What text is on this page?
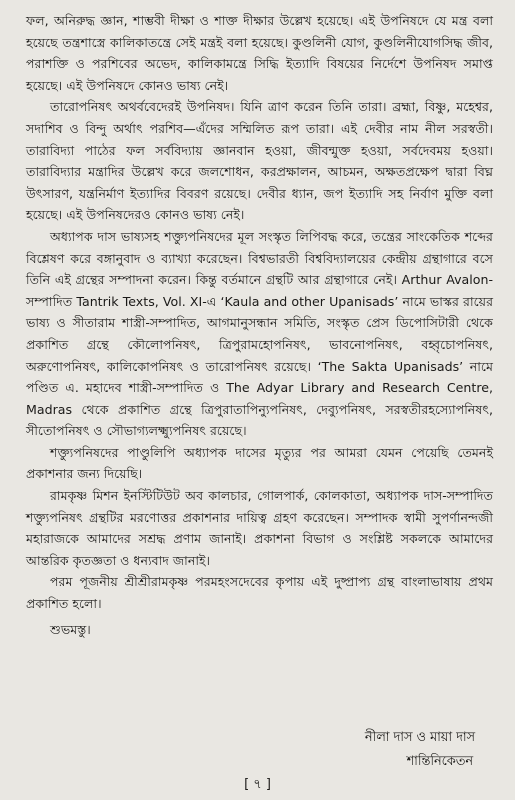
ফল, অনিরুদ্ধ জ্ঞান, শাম্ভবী দীক্ষা ও শাক্ত দীক্ষার উল্লেখ হয়েছে। এই উপনিষদে যে মন্ত্র বলা হয়েছে তন্ত্রশাস্ত্রে কালিকাতন্ত্রে সেই মন্ত্রই বলা হয়েছে। কুণ্ডলিনী যোগ, কুণ্ডলিনীযোগসিদ্ধ জীব, পরাশক্তি ও পরশিবের অভেদ, কালিকামন্ত্রে সিদ্ধি ইত্যাদি বিষয়ের নির্দেশে উপনিষদ সমাপ্ত হয়েছে। এই উপনিষদে কোনও ভাষ্য নেই।

তারোপনিষৎ অথর্ববেদেরই উপনিষদ। যিনি ত্রাণ করেন তিনি তারা। ব্রহ্মা, বিষ্ণু, মহেশ্বর, সদাশিব ও বিন্দু অর্থাৎ পরশিব—এঁদের সম্মিলিত রূপ তারা। এই দেবীর নাম নীল সরস্বতী। তারাবিদ্যা পাঠের ফল সর্ববিদ্যায় জ্ঞানবান হওয়া, জীবন্মুক্ত হওয়া, সর্বদেবময় হওয়া। তারাবিদ্যার মন্ত্রাদির উল্লেখ করে জলশোধন, করপ্রক্ষালন, আচমন, অক্ষতপ্রক্ষেপ দ্বারা বিঘ্ন উৎসারণ, যন্ত্রনির্মাণ ইত্যাদির বিবরণ রয়েছে। দেবীর ধ্যান, জপ ইত্যাদি সহ নির্বাণ মুক্তি বলা হয়েছে। এই উপনিষদেরও কোনও ভাষ্য নেই।

অধ্যাপক দাস ভাষ্যসহ শক্ত্যুপনিষদের মূল সংস্কৃত লিপিবদ্ধ করে, তন্ত্রের সাংকেতিক শব্দের বিশ্লেষণ করে বঙ্গানুবাদ ও ব্যাখ্যা করেছেন। বিশ্বভারতী বিশ্ববিদ্যালয়ের কেন্দ্রীয় গ্রন্থাগারে বসে তিনি এই গ্রন্থের সম্পাদনা করেন। কিন্তু বর্তমানে গ্রন্থটি আর গ্রন্থাগারে নেই। Arthur Avalon-সম্পাদিত Tantrik Texts, Vol. XI-এ ‘Kaula and other Upanisads’ নামে ভাস্কর রায়ের ভাষ্য ও সীতারাম শাস্ত্রী-সম্পাদিত, আগমানুসন্ধান সমিতি, সংস্কৃত প্রেস ডিপোসিটারী থেকে প্রকাশিত গ্রন্থে কৌলোপনিষৎ, ত্রিপুরামহোপনিষৎ, ভাবনোপনিষৎ, বহ্বৃচোপনিষৎ, অরুণোপনিষৎ, কালিকোপনিষৎ ও তারোপনিষৎ রয়েছে। ‘The Sakta Upanisads’ নামে পণ্ডিত এ. মহাদেব শাস্ত্রী-সম্পাদিত ও The Adyar Library and Research Centre, Madras থেকে প্রকাশিত গ্রন্থে ত্রিপুরাতাপিন্যুপনিষৎ, দেব্যুপনিষৎ, সরস্বতীরহস্যোপনিষৎ, সীতোপনিষৎ ও সৌভাগ্যলক্ষ্ম্যুপনিষৎ রয়েছে।

শক্ত্যুপনিষদের পাণ্ডুলিপি অধ্যাপক দাসের মৃত্যুর পর আমরা যেমন পেয়েছি তেমনই প্রকাশনার জন্য দিয়েছি।

রামকৃষ্ণ মিশন ইনস্টিটিউট অব কালচার, গোলপার্ক, কোলকাতা, অধ্যাপক দাস-সম্পাদিত শক্ত্যুপনিষৎ গ্রন্থটির মরণোত্তর প্রকাশনার দায়িত্ব গ্রহণ করেছেন। সম্পাদক স্বামী সুপর্ণানন্দজী মহারাজকে আমাদের সশ্রদ্ধ প্রণাম জানাই। প্রকাশনা বিভাগ ও সংশ্লিষ্ট সকলকে আমাদের আন্তরিক কৃতজ্ঞতা ও ধন্যবাদ জানাই।

পরম পূজনীয় শ্রীশ্রীরামকৃষ্ণ পরমহংসদেবের কৃপায় এই দুষ্প্রাপ্য গ্রন্থ বাংলাভাষায় প্রথম প্রকাশিত হলো।

শুভমস্তু।

নীলা দাস ও মায়া দাস
শান্তিনিকেতন
[ ৭ ]
